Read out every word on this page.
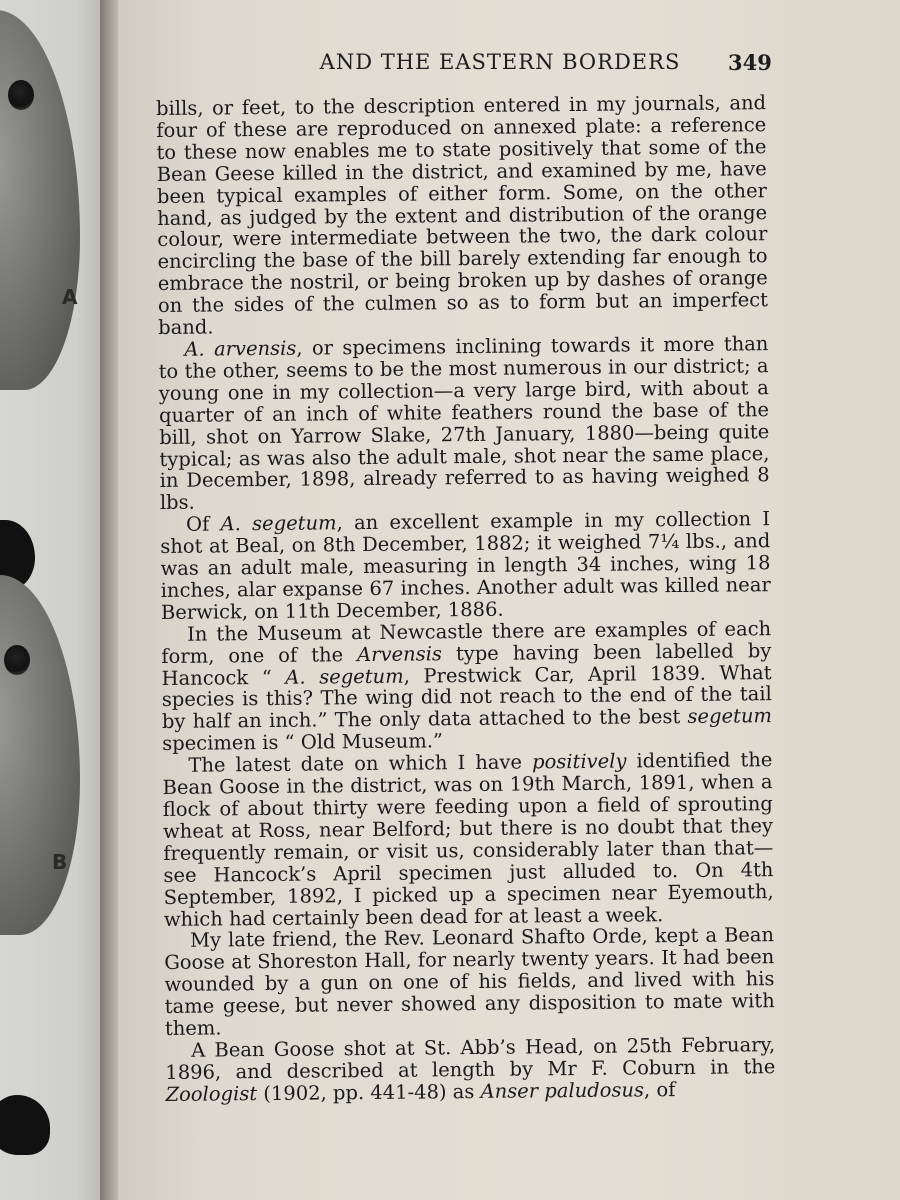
A
B
AND THE EASTERN BORDERS	349

bills, or feet, to the description entered in my journals, and four of these are reproduced on annexed plate: a reference to these now enables me to state positively that some of the Bean Geese killed in the district, and examined by me, have been typical examples of either form. Some, on the other hand, as judged by the extent and distribution of the orange colour, were intermediate between the two, the dark colour encircling the base of the bill barely extending far enough to embrace the nostril, or being broken up by dashes of orange on the sides of the culmen so as to form but an imperfect band.

A. arvensis, or specimens inclining towards it more than to the other, seems to be the most numerous in our district; a young one in my collection—a very large bird, with about a quarter of an inch of white feathers round the base of the bill, shot on Yarrow Slake, 27th January, 1880—being quite typical; as was also the adult male, shot near the same place, in December, 1898, already referred to as having weighed 8 lbs.

Of A. segetum, an excellent example in my collection I shot at Beal, on 8th December, 1882; it weighed 7¼ lbs., and was an adult male, measuring in length 34 inches, wing 18 inches, alar expanse 67 inches. Another adult was killed near Berwick, on 11th December, 1886.

In the Museum at Newcastle there are examples of each form, one of the Arvensis type having been labelled by Hancock “ A. segetum, Prestwick Car, April 1839. What species is this? The wing did not reach to the end of the tail by half an inch.” The only data attached to the best segetum specimen is “ Old Museum.”

The latest date on which I have positively identified the Bean Goose in the district, was on 19th March, 1891, when a flock of about thirty were feeding upon a field of sprouting wheat at Ross, near Belford; but there is no doubt that they frequently remain, or visit us, considerably later than that—see Hancock’s April specimen just alluded to. On 4th September, 1892, I picked up a specimen near Eyemouth, which had certainly been dead for at least a week.

My late friend, the Rev. Leonard Shafto Orde, kept a Bean Goose at Shoreston Hall, for nearly twenty years. It had been wounded by a gun on one of his fields, and lived with his tame geese, but never showed any disposition to mate with them.

A Bean Goose shot at St. Abb’s Head, on 25th February, 1896, and described at length by Mr F. Coburn in the Zoologist (1902, pp. 441-48) as Anser paludosus, of
